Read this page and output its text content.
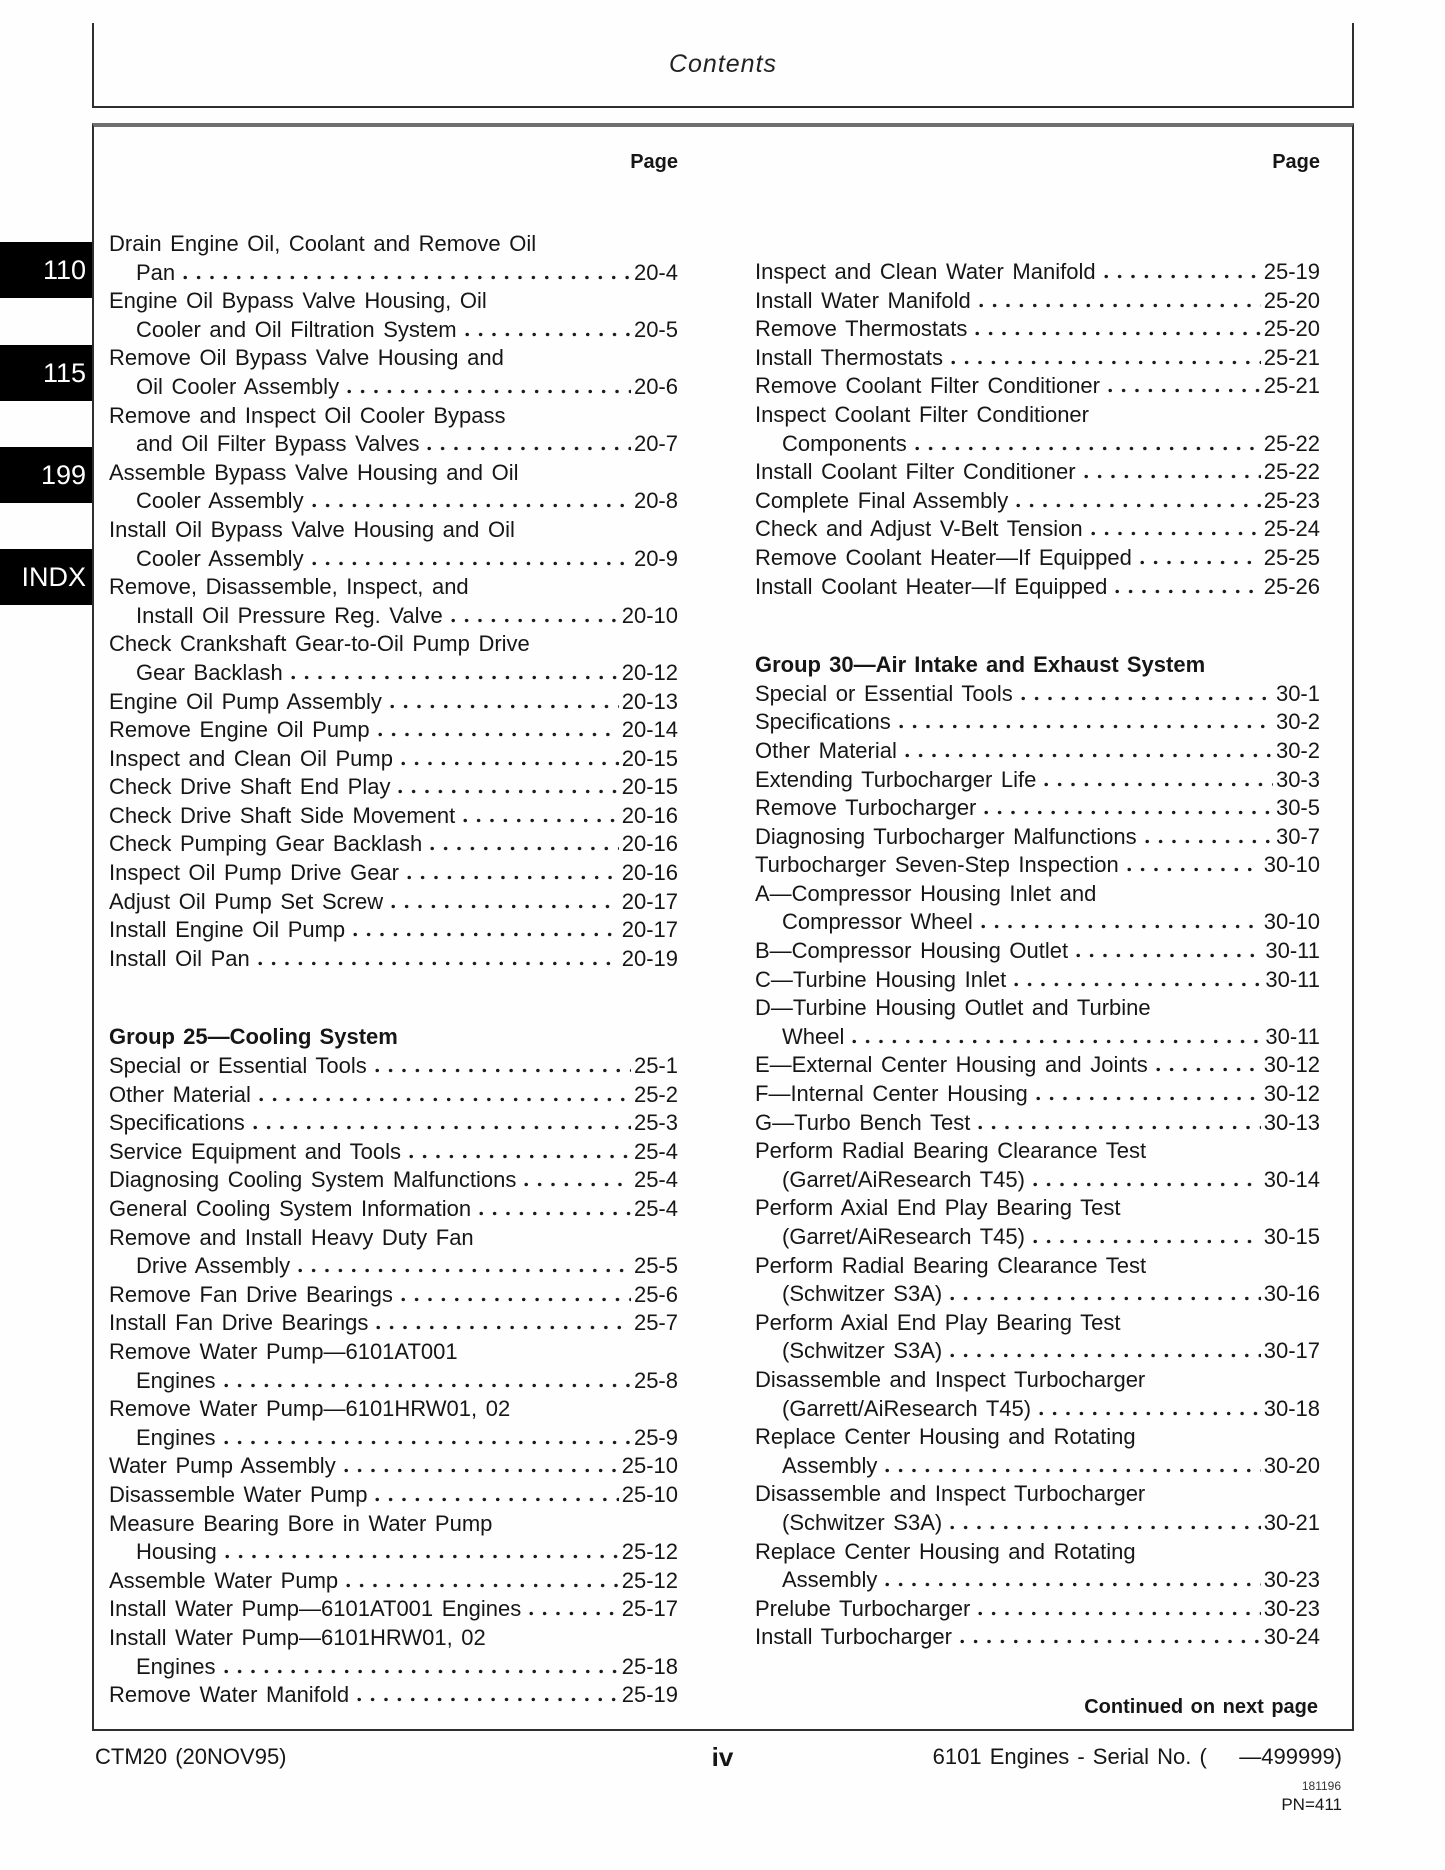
110
115
199
INDX
Contents
Page
Drain Engine Oil, Coolant and Remove Oil
Pan	20-4
Engine Oil Bypass Valve Housing, Oil
Cooler and Oil Filtration System	20-5
Remove Oil Bypass Valve Housing and
Oil Cooler Assembly	20-6
Remove and Inspect Oil Cooler Bypass
and Oil Filter Bypass Valves	20-7
Assemble Bypass Valve Housing and Oil
Cooler Assembly	20-8
Install Oil Bypass Valve Housing and Oil
Cooler Assembly	20-9
Remove, Disassemble, Inspect, and
Install Oil Pressure Reg. Valve	20-10
Check Crankshaft Gear-to-Oil Pump Drive
Gear Backlash	20-12
Engine Oil Pump Assembly	20-13
Remove Engine Oil Pump	20-14
Inspect and Clean Oil Pump	20-15
Check Drive Shaft End Play	20-15
Check Drive Shaft Side Movement	20-16
Check Pumping Gear Backlash	20-16
Inspect Oil Pump Drive Gear	20-16
Adjust Oil Pump Set Screw	20-17
Install Engine Oil Pump	20-17
Install Oil Pan	20-19
Group 25—Cooling System
Special or Essential Tools	25-1
Other Material	25-2
Specifications	25-3
Service Equipment and Tools	25-4
Diagnosing Cooling System Malfunctions	25-4
General Cooling System Information	25-4
Remove and Install Heavy Duty Fan
Drive Assembly	25-5
Remove Fan Drive Bearings	25-6
Install Fan Drive Bearings	25-7
Remove Water Pump—6101AT001
Engines	25-8
Remove Water Pump—6101HRW01, 02
Engines	25-9
Water Pump Assembly	25-10
Disassemble Water Pump	25-10
Measure Bearing Bore in Water Pump
Housing	25-12
Assemble Water Pump	25-12
Install Water Pump—6101AT001 Engines	25-17
Install Water Pump—6101HRW01, 02
Engines	25-18
Remove Water Manifold	25-19
Page
Inspect and Clean Water Manifold	25-19
Install Water Manifold	25-20
Remove Thermostats	25-20
Install Thermostats	25-21
Remove Coolant Filter Conditioner	25-21
Inspect Coolant Filter Conditioner
Components	25-22
Install Coolant Filter Conditioner	25-22
Complete Final Assembly	25-23
Check and Adjust V-Belt Tension	25-24
Remove Coolant Heater—If Equipped	25-25
Install Coolant Heater—If Equipped	25-26
Group 30—Air Intake and Exhaust System
Special or Essential Tools	30-1
Specifications	30-2
Other Material	30-2
Extending Turbocharger Life	30-3
Remove Turbocharger	30-5
Diagnosing Turbocharger Malfunctions	30-7
Turbocharger Seven-Step Inspection	30-10
A—Compressor Housing Inlet and
Compressor Wheel	30-10
B—Compressor Housing Outlet	30-11
C—Turbine Housing Inlet	30-11
D—Turbine Housing Outlet and Turbine
Wheel	30-11
E—External Center Housing and Joints	30-12
F—Internal Center Housing	30-12
G—Turbo Bench Test	30-13
Perform Radial Bearing Clearance Test
(Garret/AiResearch T45)	30-14
Perform Axial End Play Bearing Test
(Garret/AiResearch T45)	30-15
Perform Radial Bearing Clearance Test
(Schwitzer S3A)	30-16
Perform Axial End Play Bearing Test
(Schwitzer S3A)	30-17
Disassemble and Inspect Turbocharger
(Garrett/AiResearch T45)	30-18
Replace Center Housing and Rotating
Assembly	30-20
Disassemble and Inspect Turbocharger
(Schwitzer S3A)	30-21
Replace Center Housing and Rotating
Assembly	30-23
Prelube Turbocharger	30-23
Install Turbocharger	30-24
Continued on next page
CTM20 (20NOV95)	iv	6101 Engines - Serial No. (    —499999)
181196
PN=411
